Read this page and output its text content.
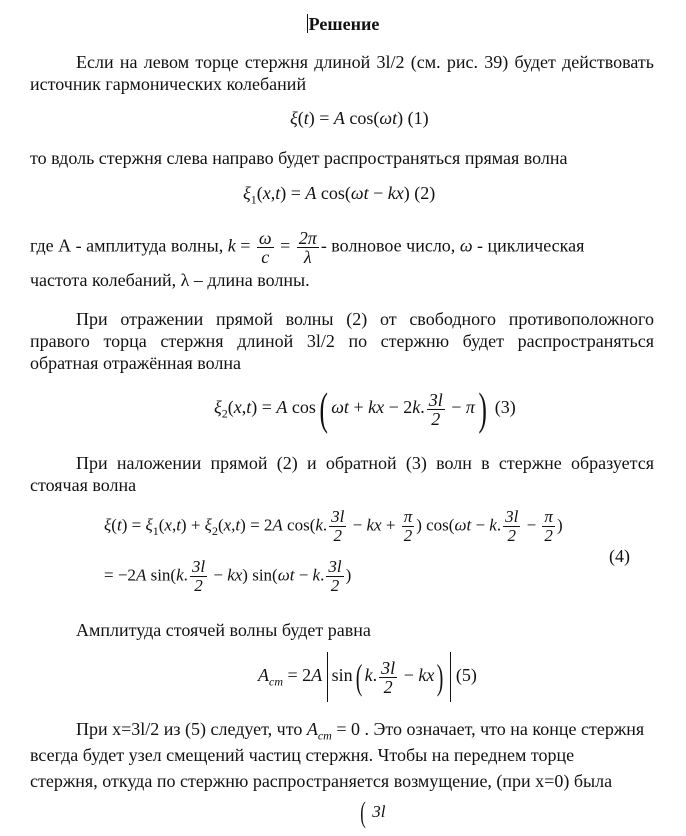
Решение
Если на левом торце стержня длиной 3l/2 (см. рис. 39) будет действовать источник гармонических колебаний
ξ(t) = A cos(ωt) (1)
то вдоль стержня слева направо будет распространяться прямая волна
$\xi_1(x,t) = A$ cos(ωt − kx) (2)
где А - амплитуда волны, $k = \frac{\omega}{c} = \frac{2\pi}{\lambda}$ - волновое число, ω - циклическая
частота колебаний, λ – длина волны.
При отражении прямой волны (2) от свободного противоположного правого торца стержня длиной 3l/2 по стержню будет распространяться обратная отражённая волна
$\xi_2(x,t) = A$ cos( ωt + kx − 2k. $\frac{3l}{2} - \pi$) (3)
При наложении прямой (2) и обратной (3) волн в стержне образуется стоячая волна
$\xi(t) = \xi_1(x,t) + \xi_2(x,t) = 2A$ cos(k. $\frac{3l}{2}$ − kx + $\frac{\pi}{2}$ ) cos(ωt − k. $\frac{3l}{2} - \frac{\pi}{2}$ )
(4)
= −2A sin(k. $\frac{3l}{2} - kx$) sin(ωt − k. $\frac{3l}{2}$ )
Амплитуда стоячей волны будет равна
$A_{ст} = 2A$ sin( k. $\frac{3l}{2} - kx$) (5)
При x=3l/2 из (5) следует, что $A_{ст} = 0$ . Это означает, что на конце стержня
всегда будет узел смещений частиц стержня. Чтобы на переднем торце
стержня, откуда по стержню распространяется возмущение, (при x=0) была
( 3l
